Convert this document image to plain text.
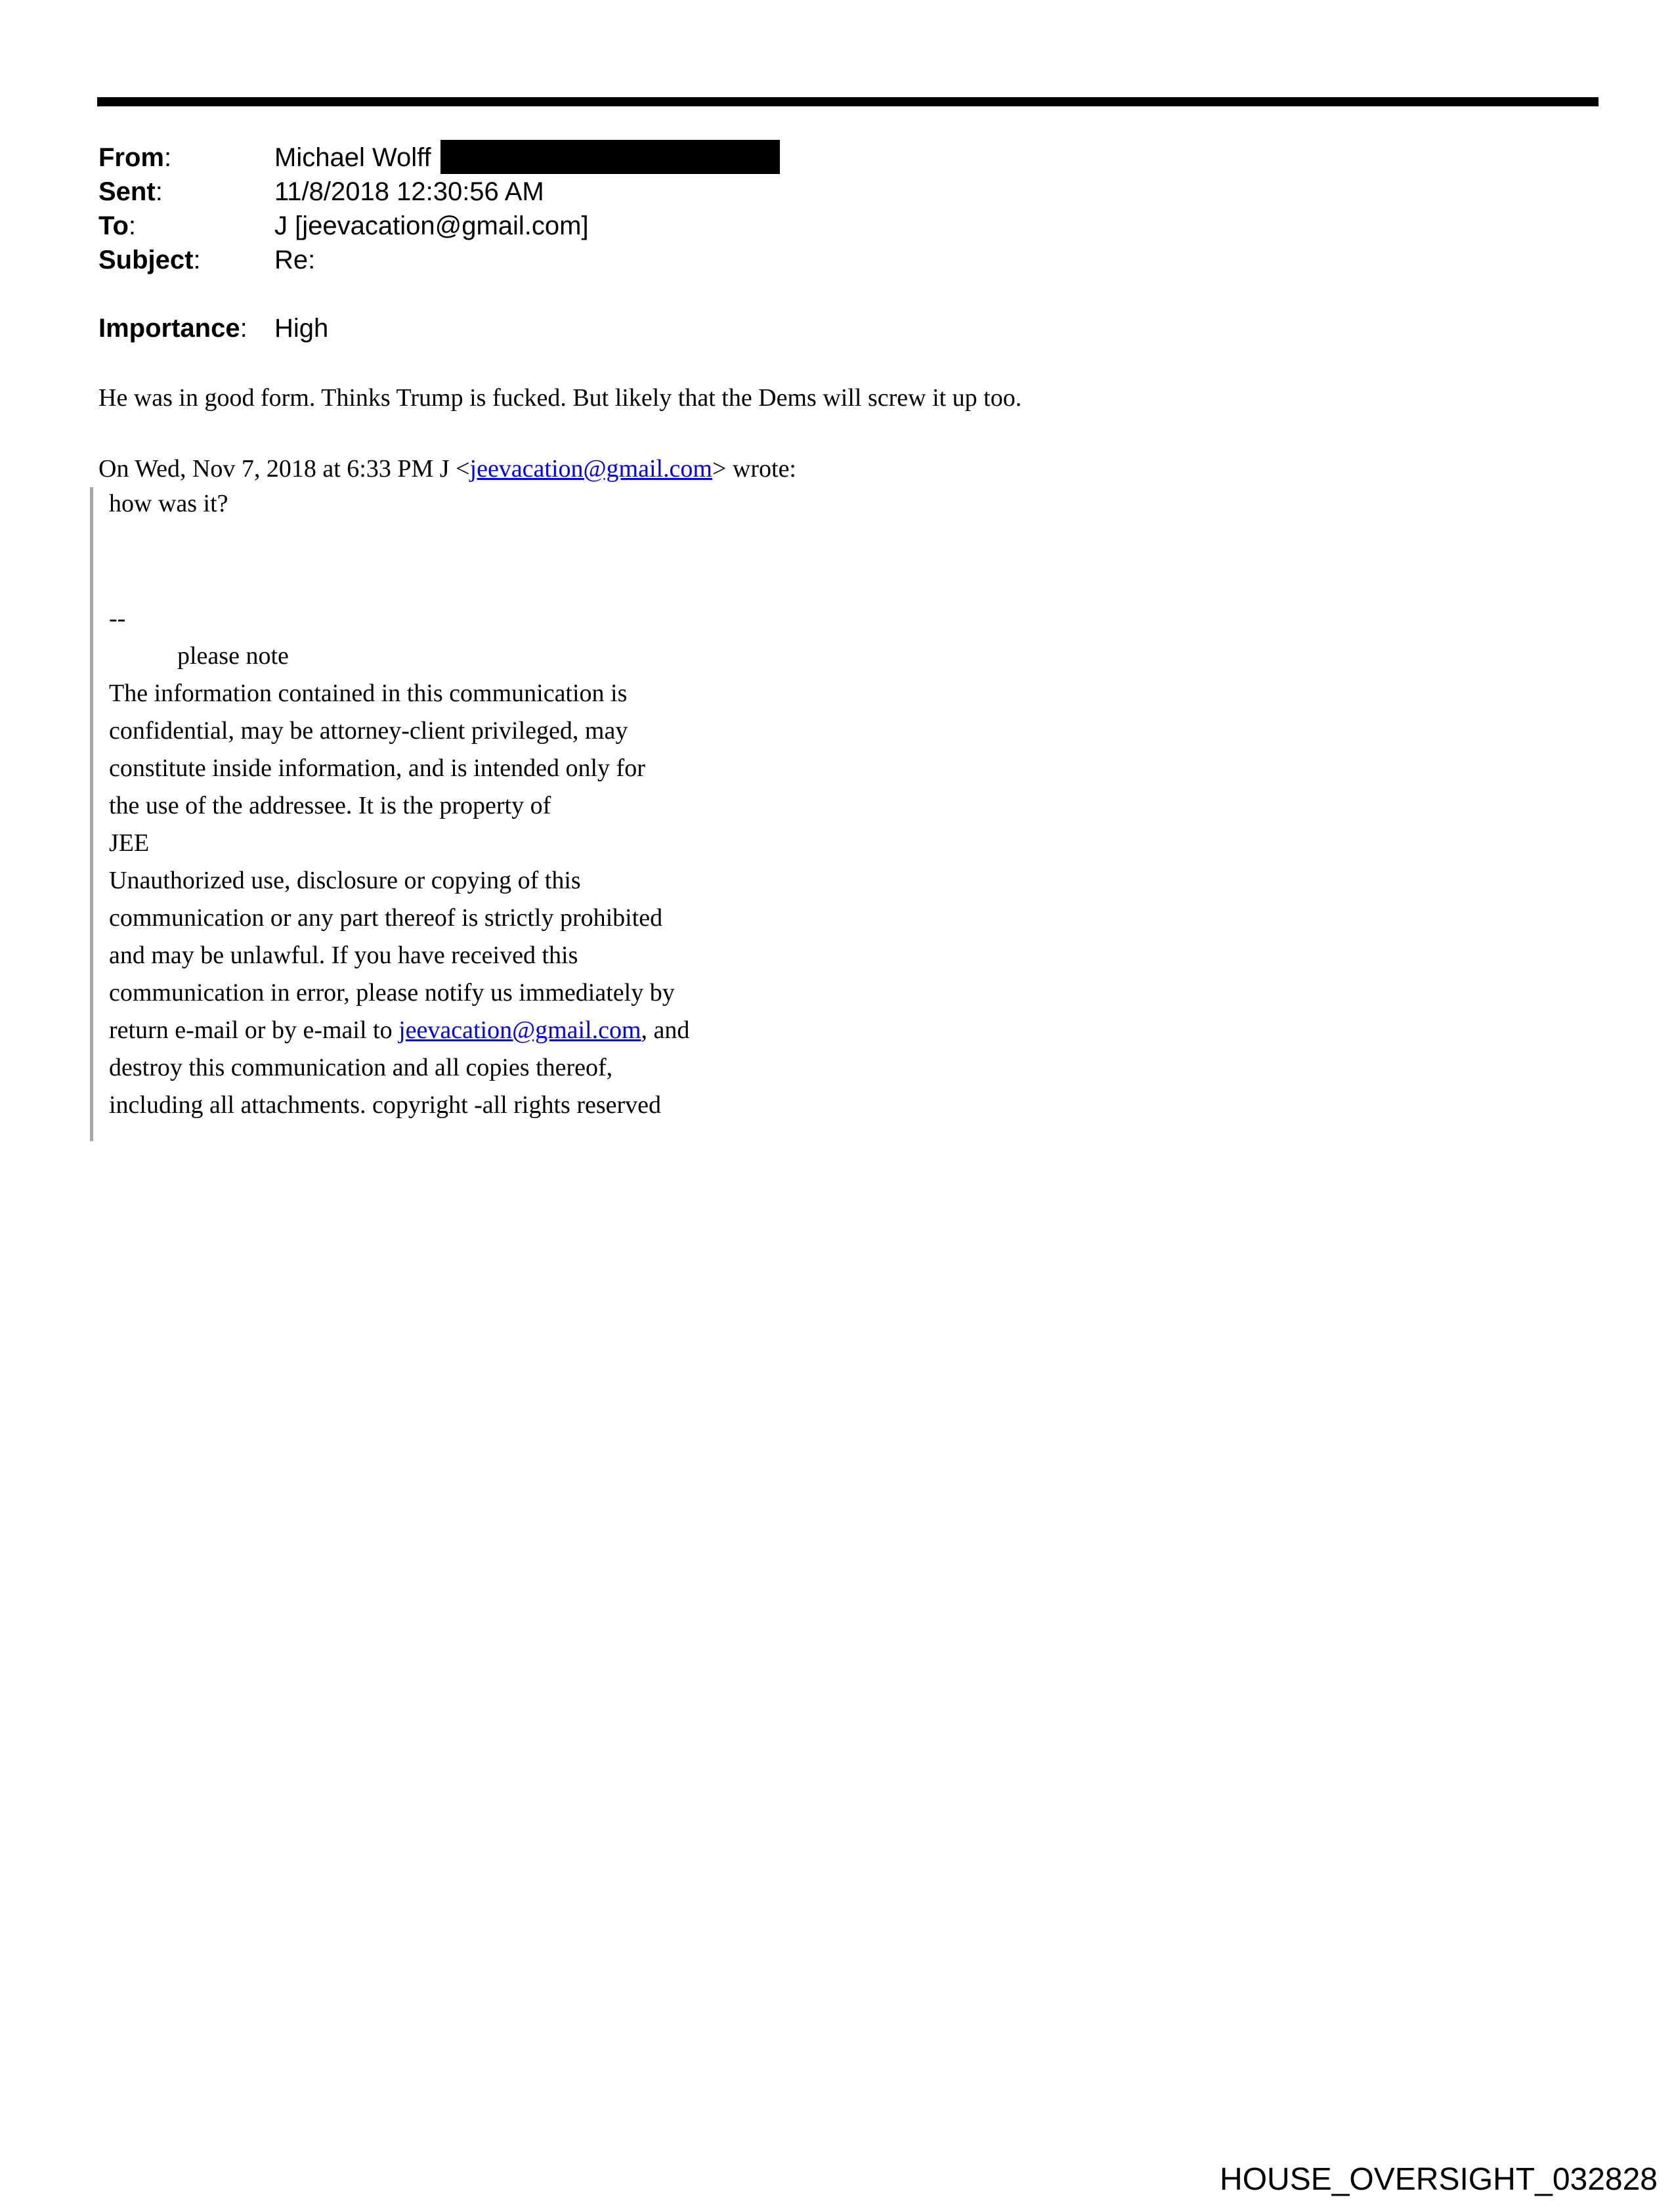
From:	Michael Wolff
Sent:	11/8/2018 12:30:56 AM
To:	J [jeevacation@gmail.com]
Subject:	Re:
Importance:	High
He was in good form. Thinks Trump is fucked. But likely that the Dems will screw it up too.
On Wed, Nov 7, 2018 at 6:33 PM J <jeevacation@gmail.com> wrote:
how was it?
--
please note
The information contained in this communication is
confidential, may be attorney-client privileged, may
constitute inside information, and is intended only for
the use of the addressee. It is the property of
JEE
Unauthorized use, disclosure or copying of this
communication or any part thereof is strictly prohibited
and may be unlawful. If you have received this
communication in error, please notify us immediately by
return e-mail or by e-mail to jeevacation@gmail.com, and
destroy this communication and all copies thereof,
including all attachments. copyright -all rights reserved
HOUSE_OVERSIGHT_032828
